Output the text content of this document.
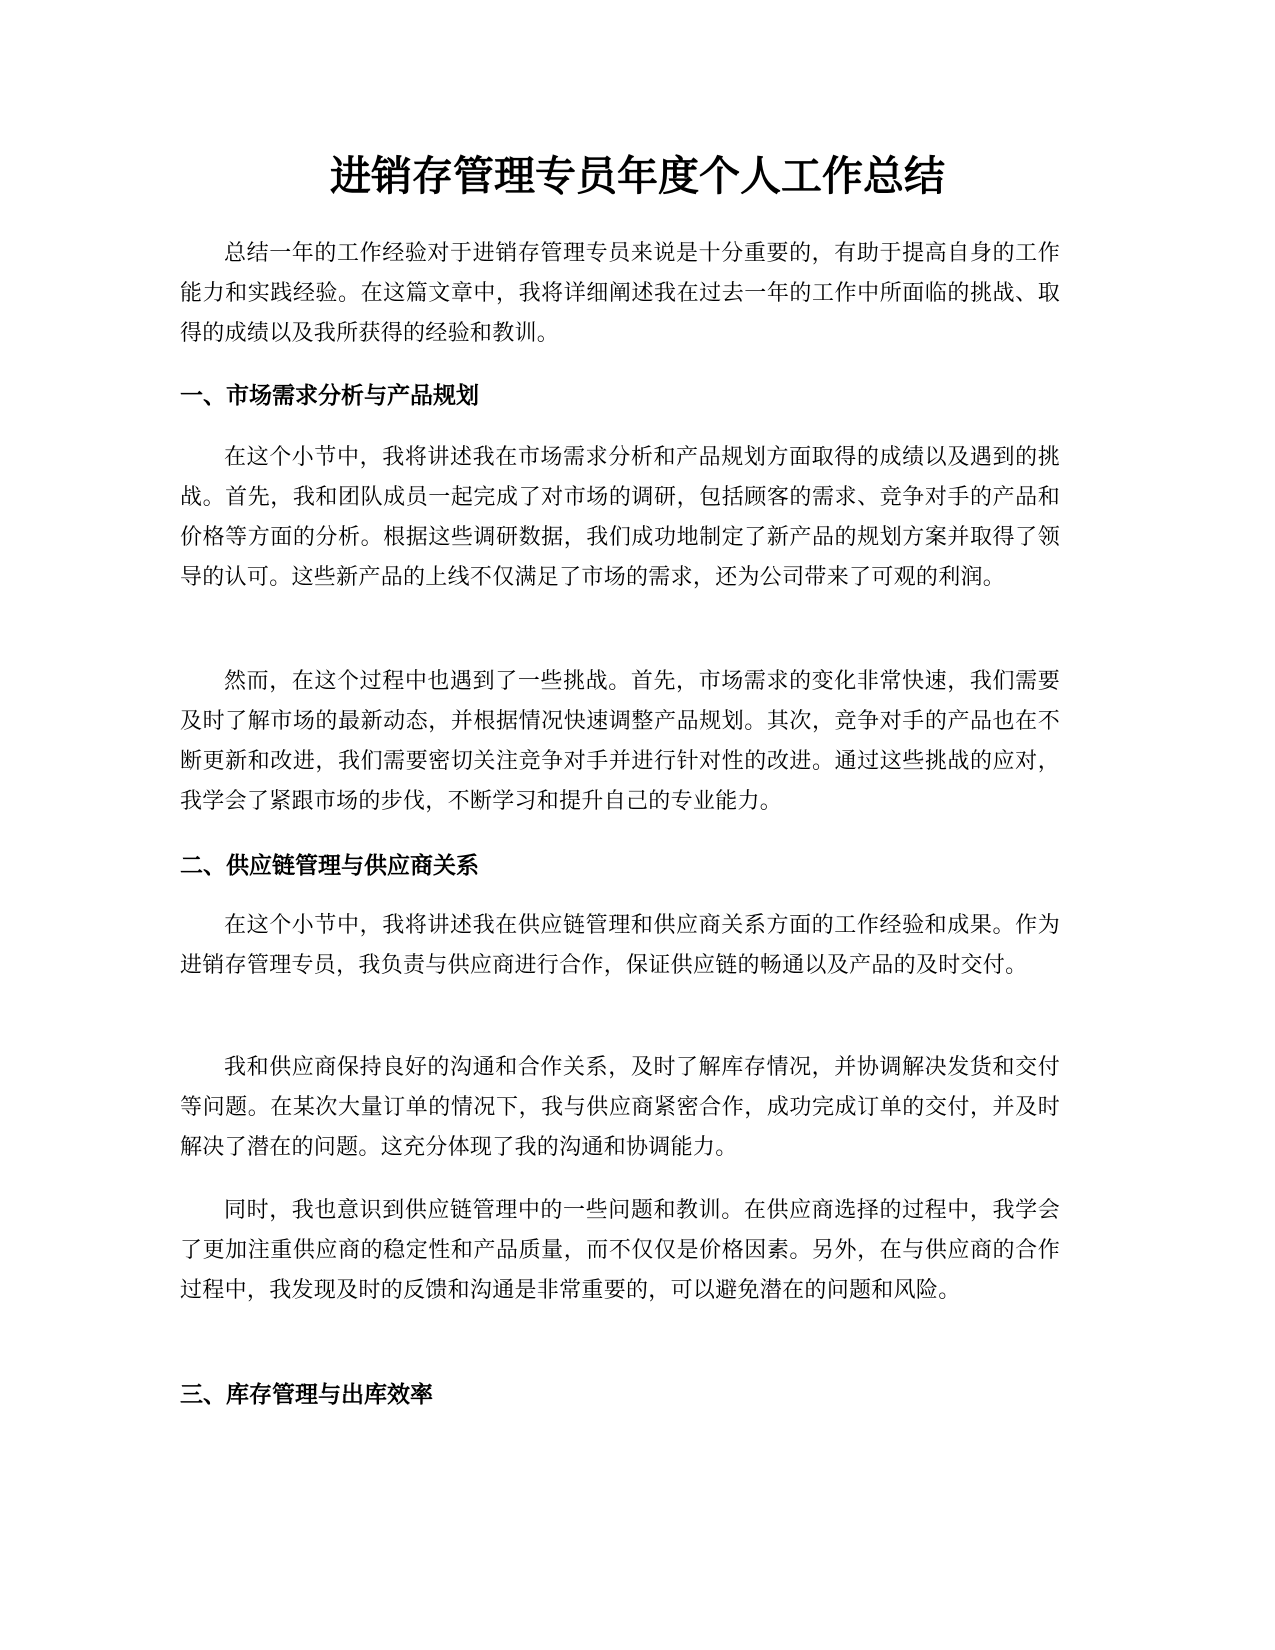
进销存管理专员年度个人工作总结

总结一年的工作经验对于进销存管理专员来说是十分重要的，有助于提高自身的工作能力和实践经验。在这篇文章中，我将详细阐述我在过去一年的工作中所面临的挑战、取得的成绩以及我所获得的经验和教训。

一、市场需求分析与产品规划

在这个小节中，我将讲述我在市场需求分析和产品规划方面取得的成绩以及遇到的挑战。首先，我和团队成员一起完成了对市场的调研，包括顾客的需求、竞争对手的产品和价格等方面的分析。根据这些调研数据，我们成功地制定了新产品的规划方案并取得了领导的认可。这些新产品的上线不仅满足了市场的需求，还为公司带来了可观的利润。

然而，在这个过程中也遇到了一些挑战。首先，市场需求的变化非常快速，我们需要及时了解市场的最新动态，并根据情况快速调整产品规划。其次，竞争对手的产品也在不断更新和改进，我们需要密切关注竞争对手并进行针对性的改进。通过这些挑战的应对，我学会了紧跟市场的步伐，不断学习和提升自己的专业能力。

二、供应链管理与供应商关系

在这个小节中，我将讲述我在供应链管理和供应商关系方面的工作经验和成果。作为进销存管理专员，我负责与供应商进行合作，保证供应链的畅通以及产品的及时交付。

我和供应商保持良好的沟通和合作关系，及时了解库存情况，并协调解决发货和交付等问题。在某次大量订单的情况下，我与供应商紧密合作，成功完成订单的交付，并及时解决了潜在的问题。这充分体现了我的沟通和协调能力。

同时，我也意识到供应链管理中的一些问题和教训。在供应商选择的过程中，我学会了更加注重供应商的稳定性和产品质量，而不仅仅是价格因素。另外，在与供应商的合作过程中，我发现及时的反馈和沟通是非常重要的，可以避免潜在的问题和风险。

三、库存管理与出库效率
